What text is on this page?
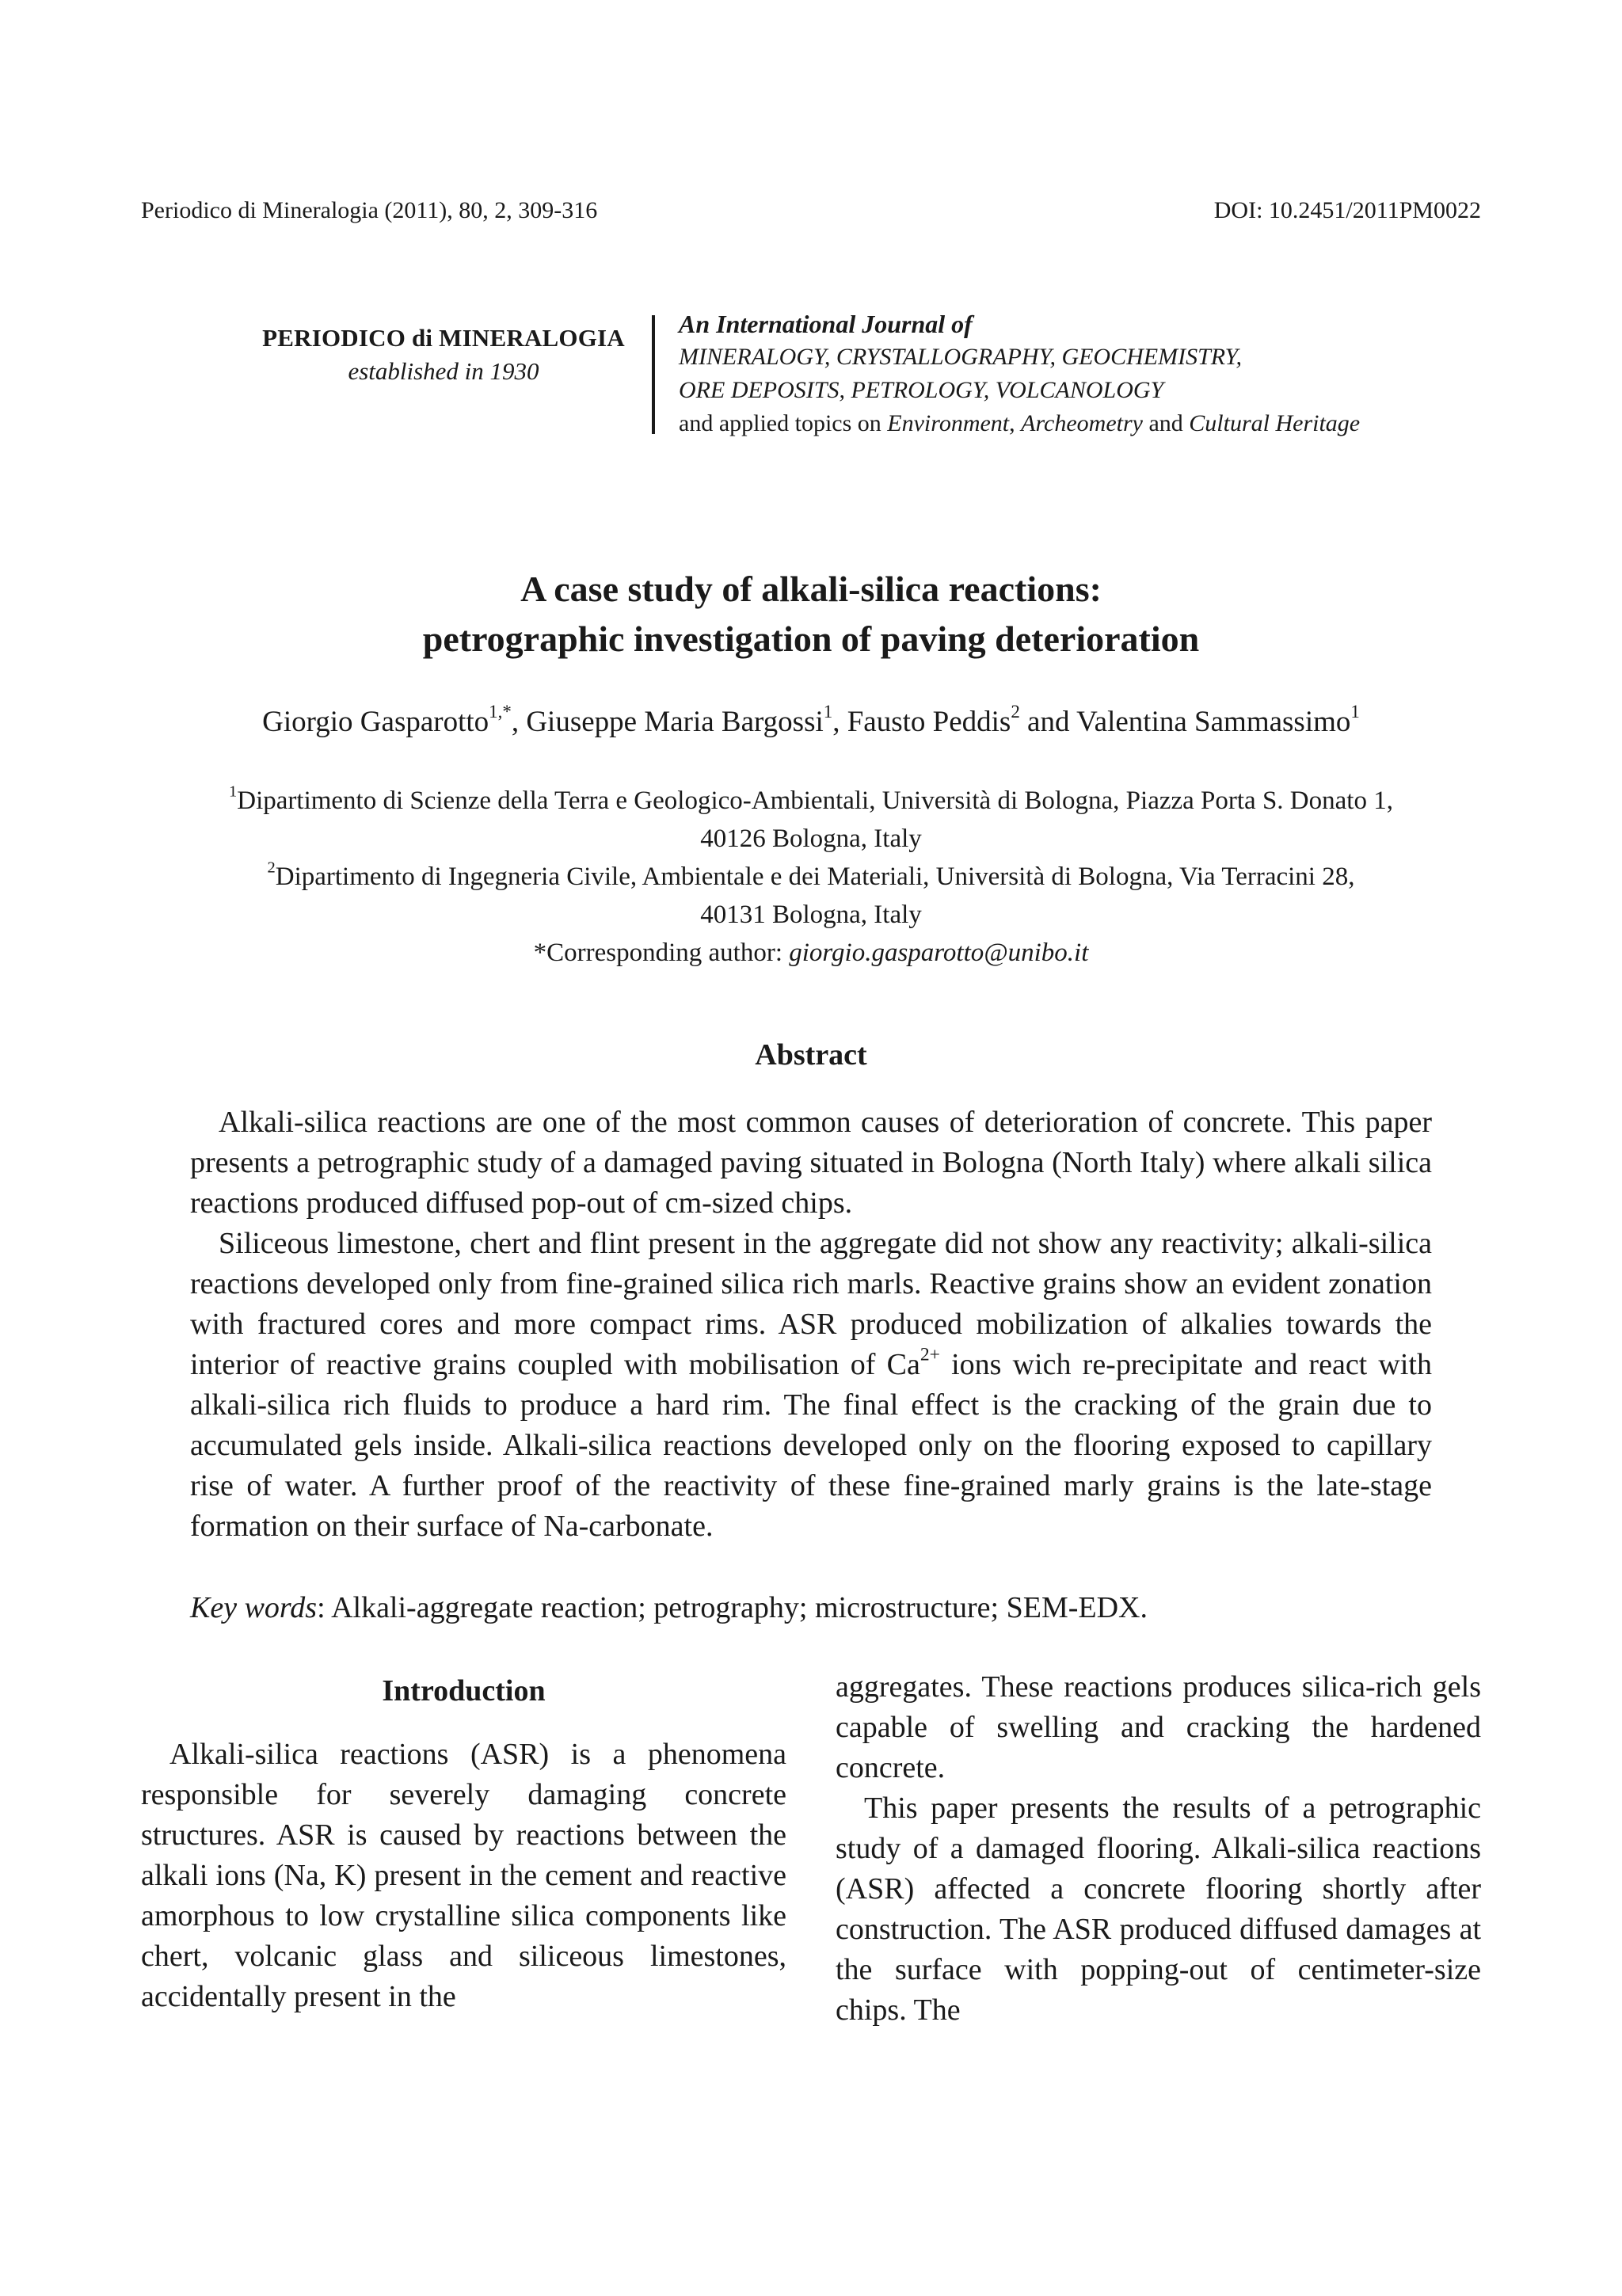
Periodico di Mineralogia (2011), 80, 2, 309-316	DOI: 10.2451/2011PM0022
PERIODICO di MINERALOGIA
established in 1930
An International Journal of
MINERALOGY, CRYSTALLOGRAPHY, GEOCHEMISTRY,
ORE DEPOSITS, PETROLOGY, VOLCANOLOGY
and applied topics on Environment, Archeometry and Cultural Heritage
A case study of alkali-silica reactions:
petrographic investigation of paving deterioration
Giorgio Gasparotto$^{1,*}$, Giuseppe Maria Bargossi$^1$, Fausto Peddis$^2$ and Valentina Sammassimo$^1$
$^1$Dipartimento di Scienze della Terra e Geologico-Ambientali, Università di Bologna, Piazza Porta S. Donato 1,
40126 Bologna, Italy
$^2$Dipartimento di Ingegneria Civile, Ambientale e dei Materiali, Università di Bologna, Via Terracini 28,
40131 Bologna, Italy
*Corresponding author: giorgio.gasparotto@unibo.it
Abstract

Alkali-silica reactions are one of the most common causes of deterioration of concrete. This paper presents a petrographic study of a damaged paving situated in Bologna (North Italy) where alkali silica reactions produced diffused pop-out of cm-sized chips.

Siliceous limestone, chert and flint present in the aggregate did not show any reactivity; alkali-silica reactions developed only from fine-grained silica rich marls. Reactive grains show an evident zonation with fractured cores and more compact rims. ASR produced mobilization of alkalies towards the interior of reactive grains coupled with mobilisation of $Ca^{2+}$ ions wich re-precipitate and react with alkali-silica rich fluids to produce a hard rim. The final effect is the cracking of the grain due to accumulated gels inside. Alkali-silica reactions developed only on the flooring exposed to capillary rise of water. A further proof of the reactivity of these fine-grained marly grains is the late-stage formation on their surface of Na-carbonate.

Key words: Alkali-aggregate reaction; petrography; microstructure; SEM-EDX.
Introduction

Alkali-silica reactions (ASR) is a phenomena responsible for severely damaging concrete structures. ASR is caused by reactions between the alkali ions (Na, K) present in the cement and reactive amorphous to low crystalline silica components like chert, volcanic glass and siliceous limestones, accidentally present in the

aggregates. These reactions produces silica-rich gels capable of swelling and cracking the hardened concrete.

This paper presents the results of a petrographic study of a damaged flooring. Alkali-silica reactions (ASR) affected a concrete flooring shortly after construction. The ASR produced diffused damages at the surface with popping-out of centimeter-size chips. The
